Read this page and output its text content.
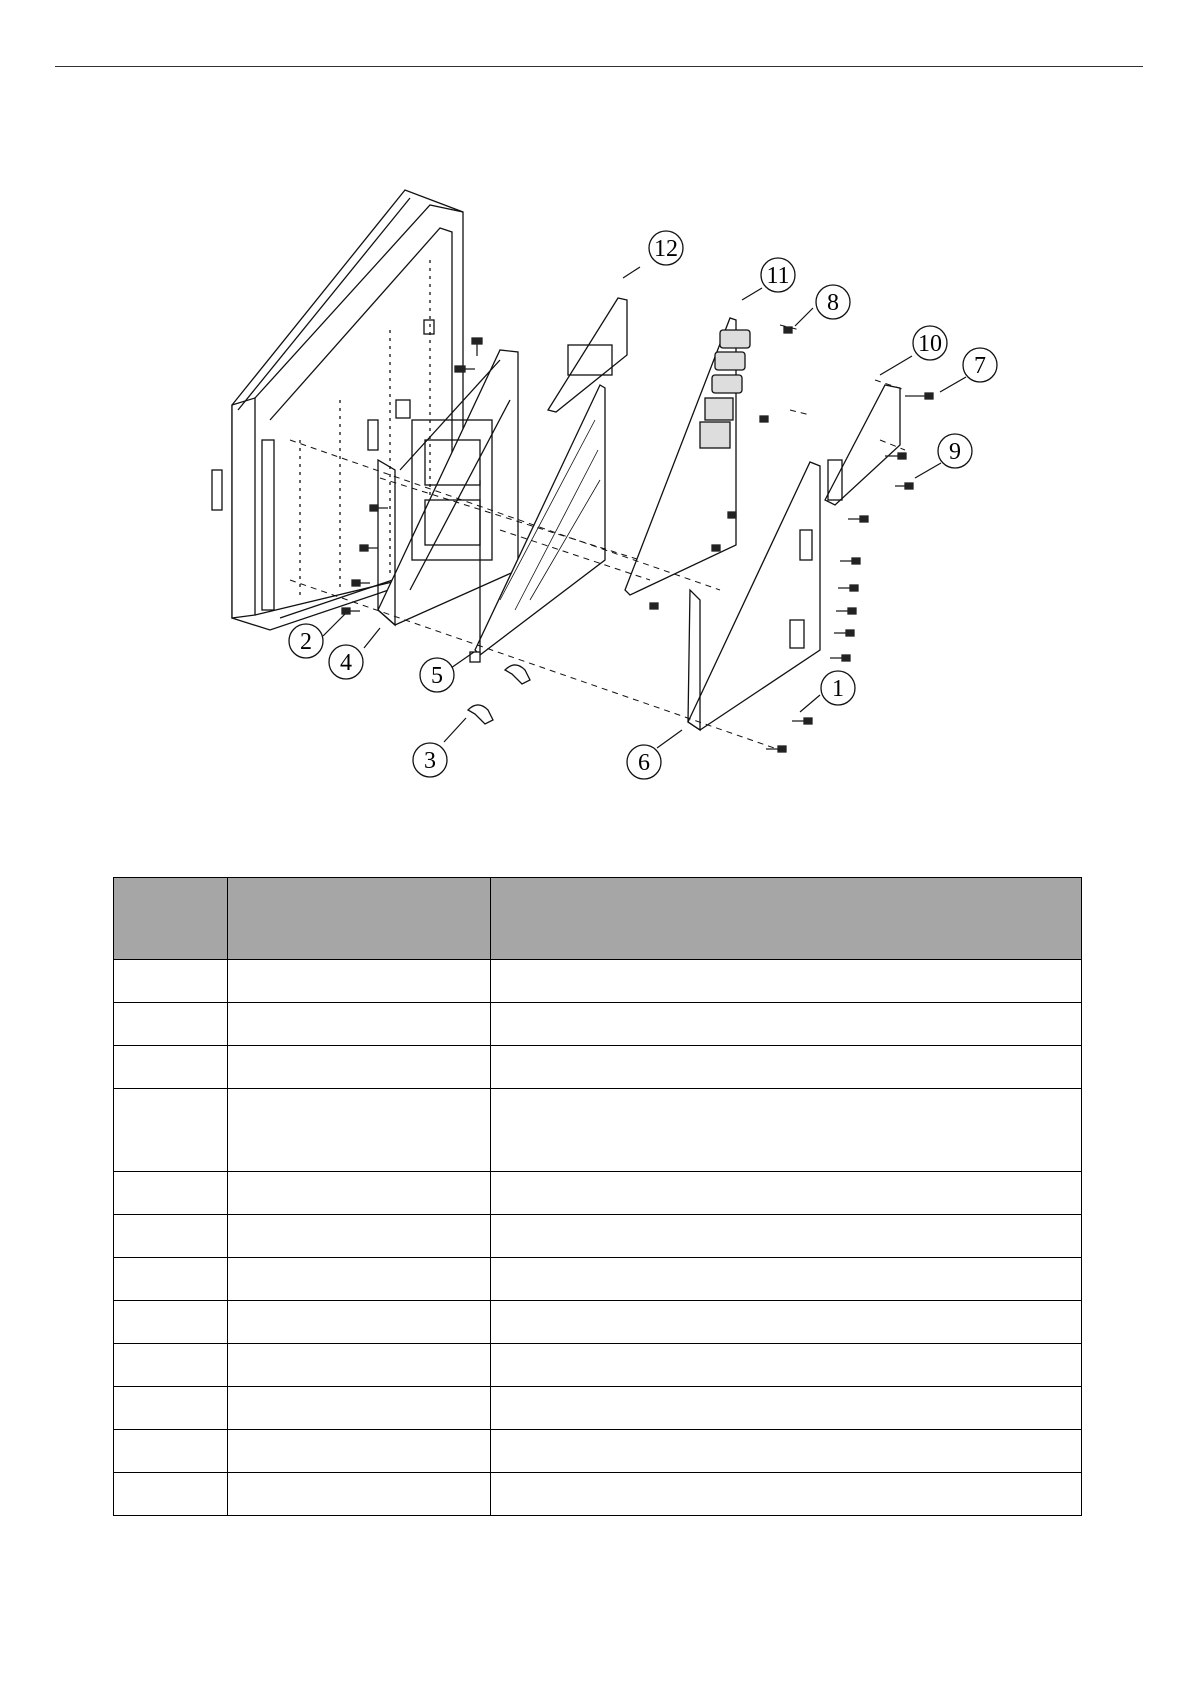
1
2
3
4	5
6
7
8
9
10
11
12
